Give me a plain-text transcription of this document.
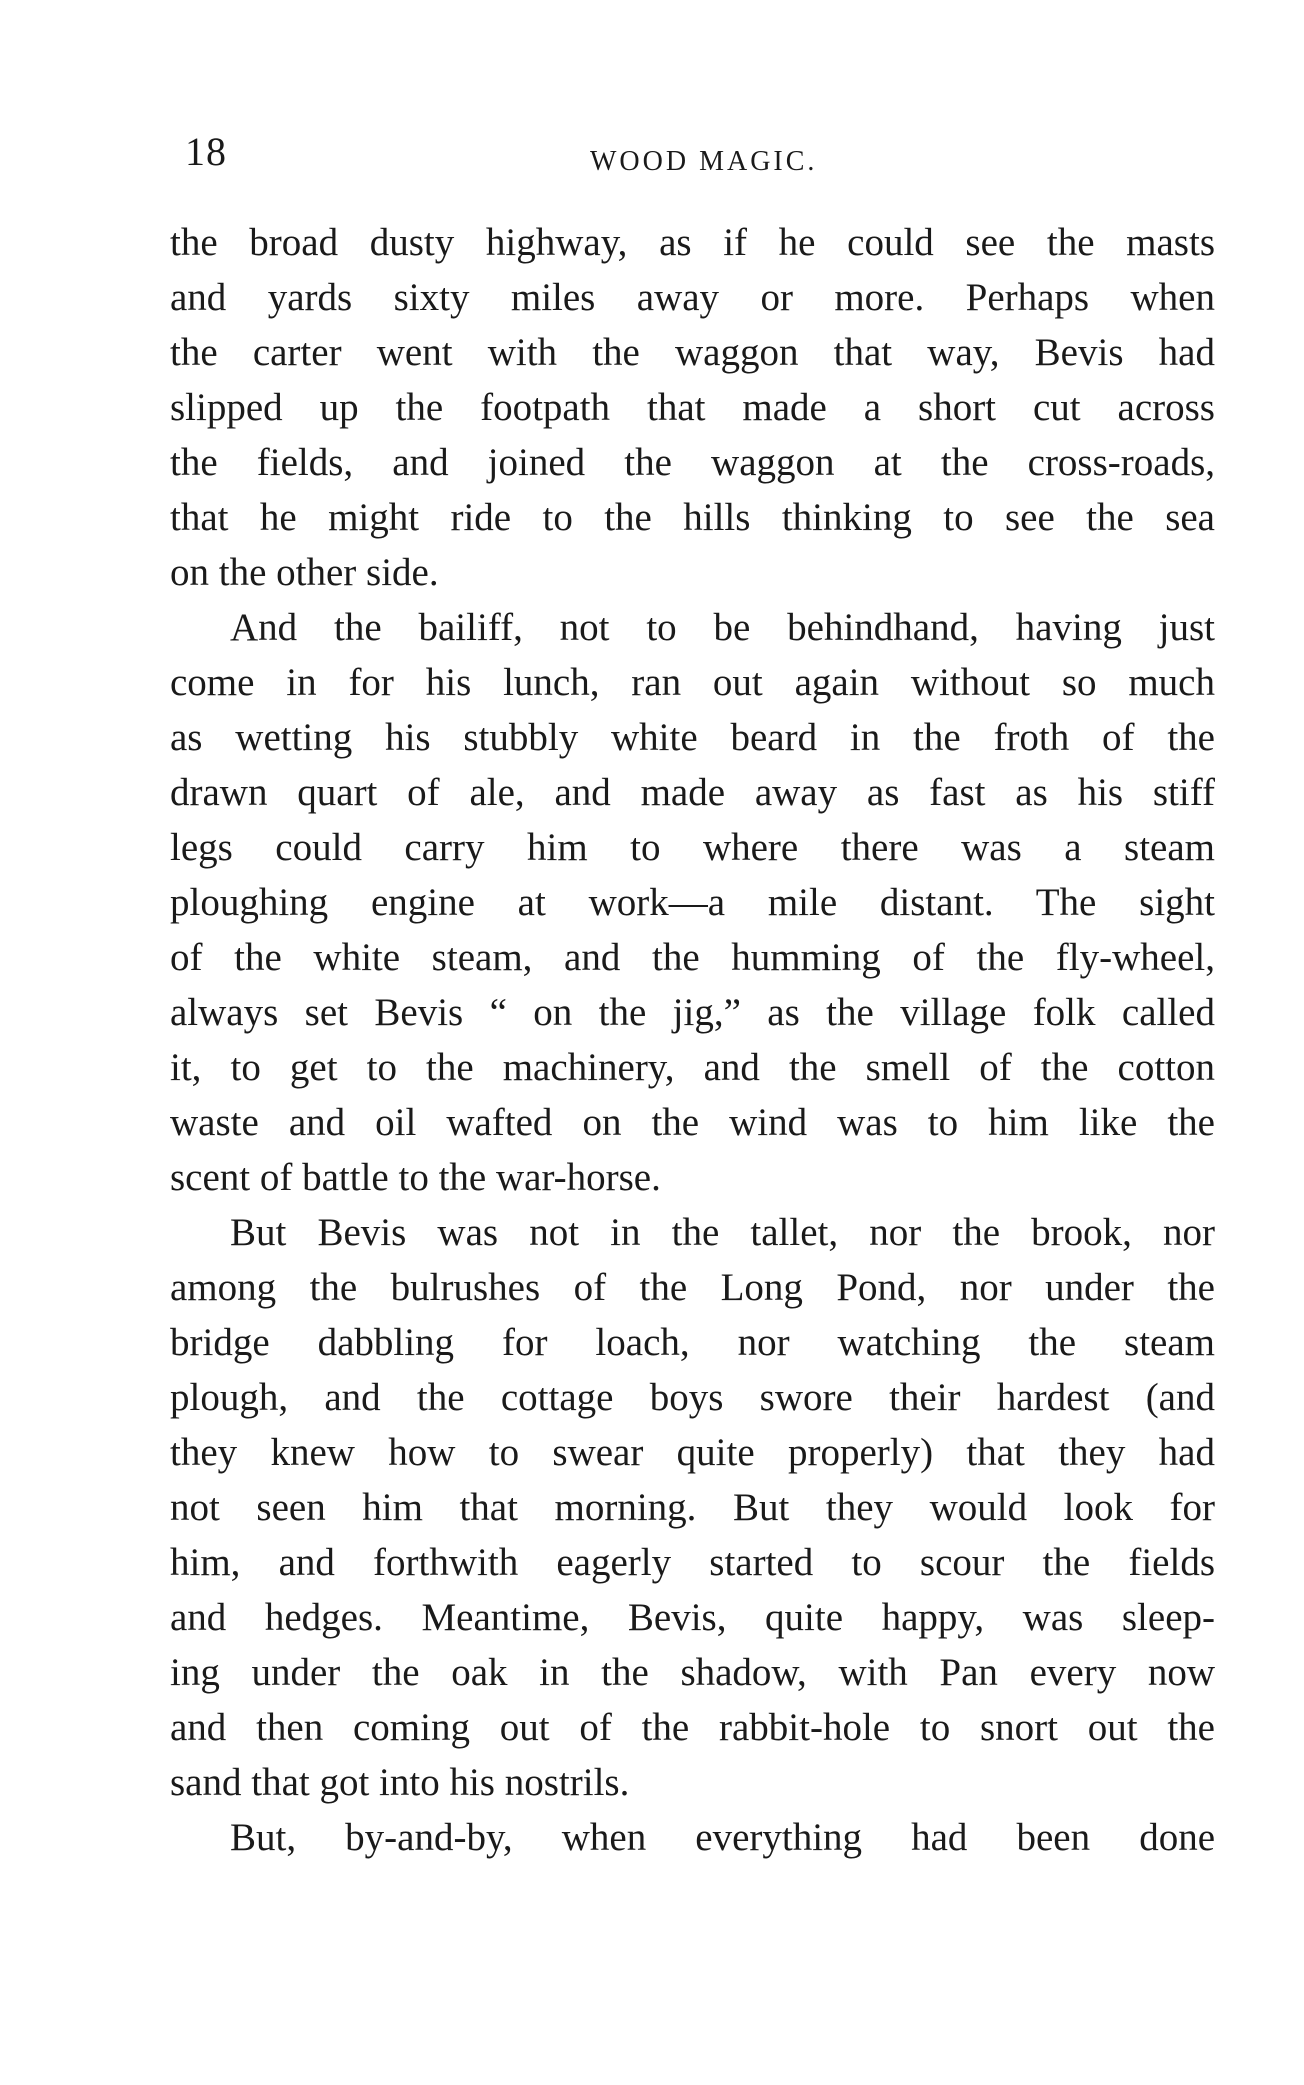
18	WOOD MAGIC.
the broad dusty highway, as if he could see the masts
and yards sixty miles away or more. Perhaps when
the carter went with the waggon that way, Bevis had
slipped up the footpath that made a short cut across
the fields, and joined the waggon at the cross-roads,
that he might ride to the hills thinking to see the sea
on the other side.
And the bailiff, not to be behindhand, having just
come in for his lunch, ran out again without so much
as wetting his stubbly white beard in the froth of the
drawn quart of ale, and made away as fast as his stiff
legs could carry him to where there was a steam
ploughing engine at work—a mile distant. The sight
of the white steam, and the humming of the fly-wheel,
always set Bevis “ on the jig,” as the village folk called
it, to get to the machinery, and the smell of the cotton
waste and oil wafted on the wind was to him like the
scent of battle to the war-horse.
But Bevis was not in the tallet, nor the brook, nor
among the bulrushes of the Long Pond, nor under the
bridge dabbling for loach, nor watching the steam
plough, and the cottage boys swore their hardest (and
they knew how to swear quite properly) that they had
not seen him that morning. But they would look for
him, and forthwith eagerly started to scour the fields
and hedges. Meantime, Bevis, quite happy, was sleep-
ing under the oak in the shadow, with Pan every now
and then coming out of the rabbit-hole to snort out the
sand that got into his nostrils.
But, by-and-by, when everything had been done
